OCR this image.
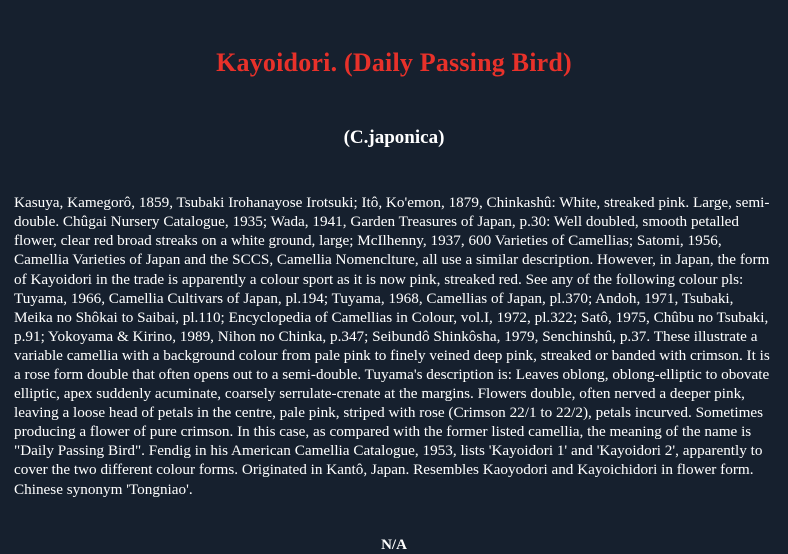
Kayoidori. (Daily Passing Bird)
(C.japonica)

Kasuya, Kamegorô, 1859, Tsubaki Irohanayose Irotsuki; Itô, Ko'emon, 1879, Chinkashû: White, streaked pink. Large, semi-double. Chûgai Nursery Catalogue, 1935; Wada, 1941, Garden Treasures of Japan, p.30: Well doubled, smooth petalled flower, clear red broad streaks on a white ground, large; McIlhenny, 1937, 600 Varieties of Camellias; Satomi, 1956, Camellia Varieties of Japan and the SCCS, Camellia Nomenclture, all use a similar description. However, in Japan, the form of Kayoidori in the trade is apparently a colour sport as it is now pink, streaked red. See any of the following colour pls: Tuyama, 1966, Camellia Cultivars of Japan, pl.194; Tuyama, 1968, Camellias of Japan, pl.370; Andoh, 1971, Tsubaki, Meika no Shôkai to Saibai, pl.110; Encyclopedia of Camellias in Colour, vol.I, 1972, pl.322; Satô, 1975, Chûbu no Tsubaki, p.91; Yokoyama & Kirino, 1989, Nihon no Chinka, p.347; Seibundô Shinkôsha, 1979, Senchinshû, p.37. These illustrate a variable camellia with a background colour from pale pink to finely veined deep pink, streaked or banded with crimson. It is a rose form double that often opens out to a semi-double. Tuyama's description is: Leaves oblong, oblong-elliptic to obovate elliptic, apex suddenly acuminate, coarsely serrulate-crenate at the margins. Flowers double, often nerved a deeper pink, leaving a loose head of petals in the centre, pale pink, striped with rose (Crimson 22/1 to 22/2), petals incurved. Sometimes producing a flower of pure crimson. In this case, as compared with the former listed camellia, the meaning of the name is "Daily Passing Bird". Fendig in his American Camellia Catalogue, 1953, lists 'Kayoidori 1' and 'Kayoidori 2', apparently to cover the two different colour forms. Originated in Kantô, Japan. Resembles Kaoyodori and Kayoichidori in flower form. Chinese synonym 'Tongniao'.

N/A
